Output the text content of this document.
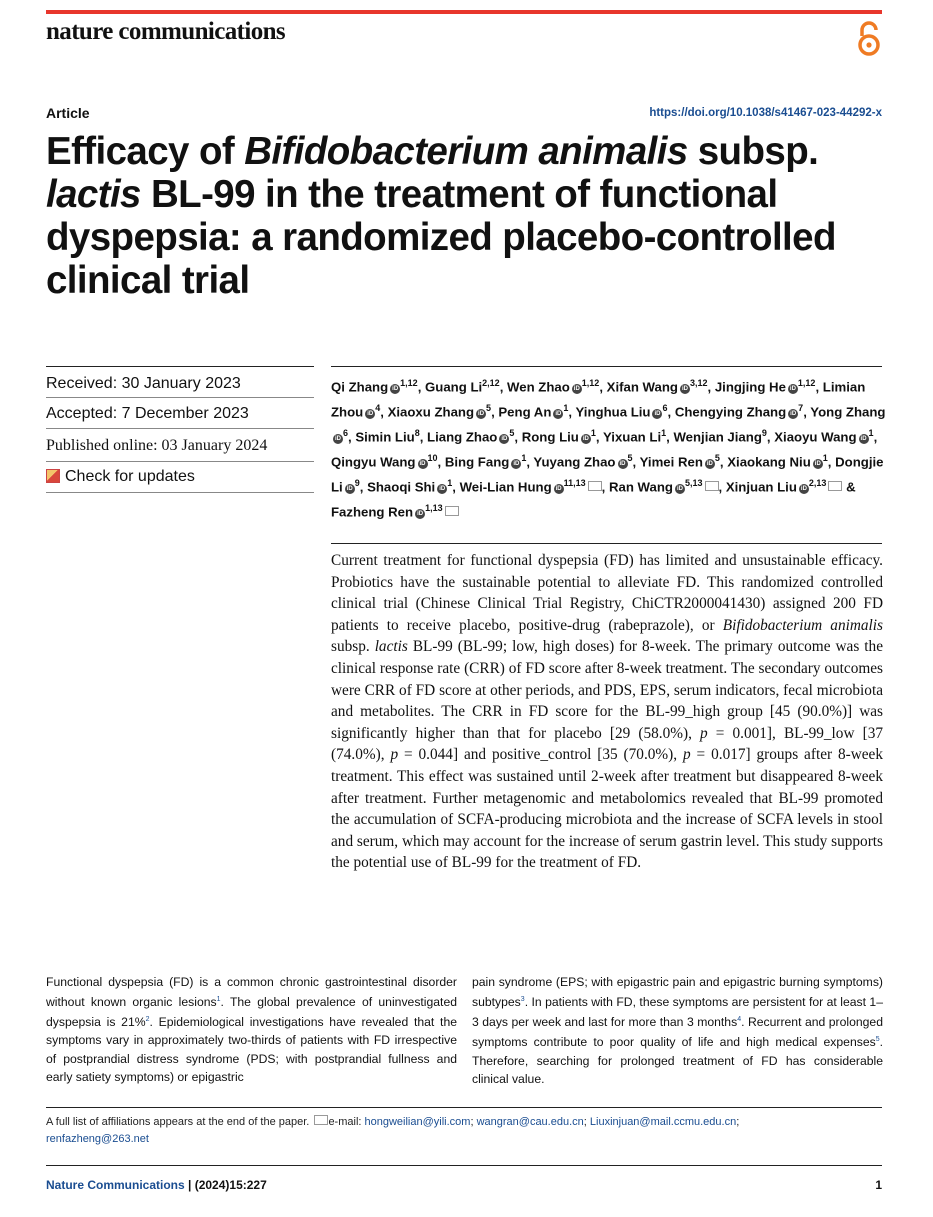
nature communications
Article	https://doi.org/10.1038/s41467-023-44292-x
Efficacy of Bifidobacterium animalis subsp. lactis BL-99 in the treatment of functional dyspepsia: a randomized placebo-controlled clinical trial
Received: 30 January 2023
Accepted: 7 December 2023
Published online: 03 January 2024
Check for updates
Qi Zhang iD$^{1,12}$, Guang Li$^{2,12}$, Wen Zhao iD$^{1,12}$, Xifan Wang iD$^{3,12}$, Jingjing He iD$^{1,12}$, Limian Zhou $iD^4$, Xiaoxu Zhang $iD^5$, Peng An $iD^1$, Yinghua Liu $iD^6$, Chengying Zhang $iD^7$, Yong ZhangiD$^6$, Simin Liu$^8$, Liang Zhao $iD^5$, Rong Liu $iD^1$, Yixuan Li$^1$, Wenjian Jiang$^9$, Xiaoyu Wang $iD^1$, Qingyu Wang $iD^{10}$, Bing Fang $iD^1$, Yuyang Zhao $iD^5$, Yimei Ren $iD^5$, Xiaokang Niu $iD^1$, Dongjie Li $iD^9$, Shaoqi Shi $iD^1$, Wei-Lian Hung iD$^{11,13}$ , Ran Wang iD$^{5,13}$ , Xinjuan Liu iD$^{2,13}$ & Fazheng Ren iD$^{1,13}$
Current treatment for functional dyspepsia (FD) has limited and unsustainable efficacy. Probiotics have the sustainable potential to alleviate FD. This randomized controlled clinical trial (Chinese Clinical Trial Registry, ChiCTR2000041430) assigned 200 FD patients to receive placebo, positive-drug (rabeprazole), or Bifidobacterium animalis subsp. lactis BL-99 (BL-99; low, high doses) for 8-week. The primary outcome was the clinical response rate (CRR) of FD score after 8-week treatment. The secondary outcomes were CRR of FD score at other periods, and PDS, EPS, serum indicators, fecal microbiota and metabolites. The CRR in FD score for the BL-99_high group [45 (90.0%)] was significantly higher than that for placebo [29 (58.0%), p = 0.001], BL-99_low [37 (74.0%), p = 0.044] and positive_control [35 (70.0%), p = 0.017] groups after 8-week treatment. This effect was sustained until 2-week after treatment but disappeared 8-week after treatment. Further metagenomic and metabolomics revealed that BL-99 promoted the accumulation of SCFA-producing microbiota and the increase of SCFA levels in stool and serum, which may account for the increase of serum gastrin level. This study supports the potential use of BL-99 for the treatment of FD.
Functional dyspepsia (FD) is a common chronic gastrointestinal disorder without known organic lesions$^1$. The global prevalence of uninvestigated dyspepsia is 21%$^2$. Epidemiological investigations have revealed that the symptoms vary in approximately two-thirds of patients with FD irrespective of postprandial distress syndrome (PDS; with postprandial fullness and early satiety symptoms) or epigastric
pain syndrome (EPS; with epigastric pain and epigastric burning symptoms) subtypes$^3$. In patients with FD, these symptoms are persistent for at least 1–3 days per week and last for more than 3 months$^4$. Recurrent and prolonged symptoms contribute to poor quality of life and high medical expenses$^5$. Therefore, searching for prolonged treatment of FD has considerable clinical value.
A full list of affiliations appears at the end of the paper. e-mail: hongweilian@yili.com; wangran@cau.edu.cn; Liuxinjuan@mail.ccmu.edu.cn;
renfazheng@263.net
Nature Communications | (2024)15:227	1
